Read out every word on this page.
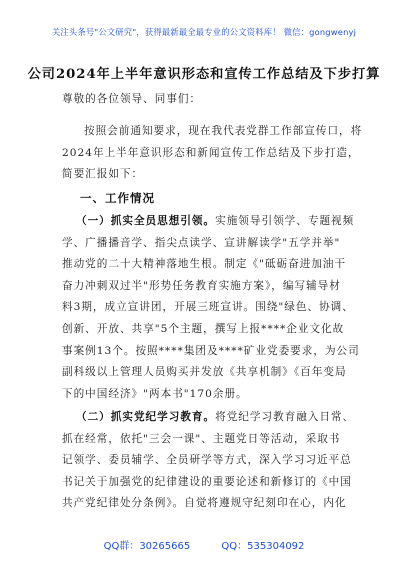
关注头条号"公文研究"，获得最新最全最专业的公文资料库！ 微信：gongwenyj
公司2024年上半年意识形态和宣传工作总结及下步打算
尊敬的各位领导、同事们：
按照会前通知要求，现在我代表党群工作部宣传口，将
2024年上半年意识形态和新闻宣传工作总结及下步打造，
简要汇报如下：
一、工作情况
（一）抓实全员思想引领。实施领导引领学、专题视频
学、广播播音学、指尖点读学、宣讲解读学"五学并举"
推动党的二十大精神落地生根。制定《"砥砺奋进加油干
奋力冲刺双过半"形势任务教育实施方案》，编写辅导材
料3期，成立宣讲团，开展三班宣讲。围绕"绿色、协调、
创新、开放、共享"5个主题，撰写上报****企业文化故
事案例13个。按照****集团及****矿业党委要求，为公司
副科级以上管理人员购买并发放《共享机制》《百年变局
下的中国经济》"两本书"170余册。
（二）抓实党纪学习教育。将党纪学习教育融入日常、
抓在经常，依托"三会一课"、主题党日等活动，采取书
记领学、委员辅学、全员研学等方式，深入学习习近平总
书记关于加强党的纪律建设的重要论述和新修订的《中国
共产党纪律处分条例》。自觉将遵规守纪刻印在心，内化
QQ群：30265665	QQ：535304092
